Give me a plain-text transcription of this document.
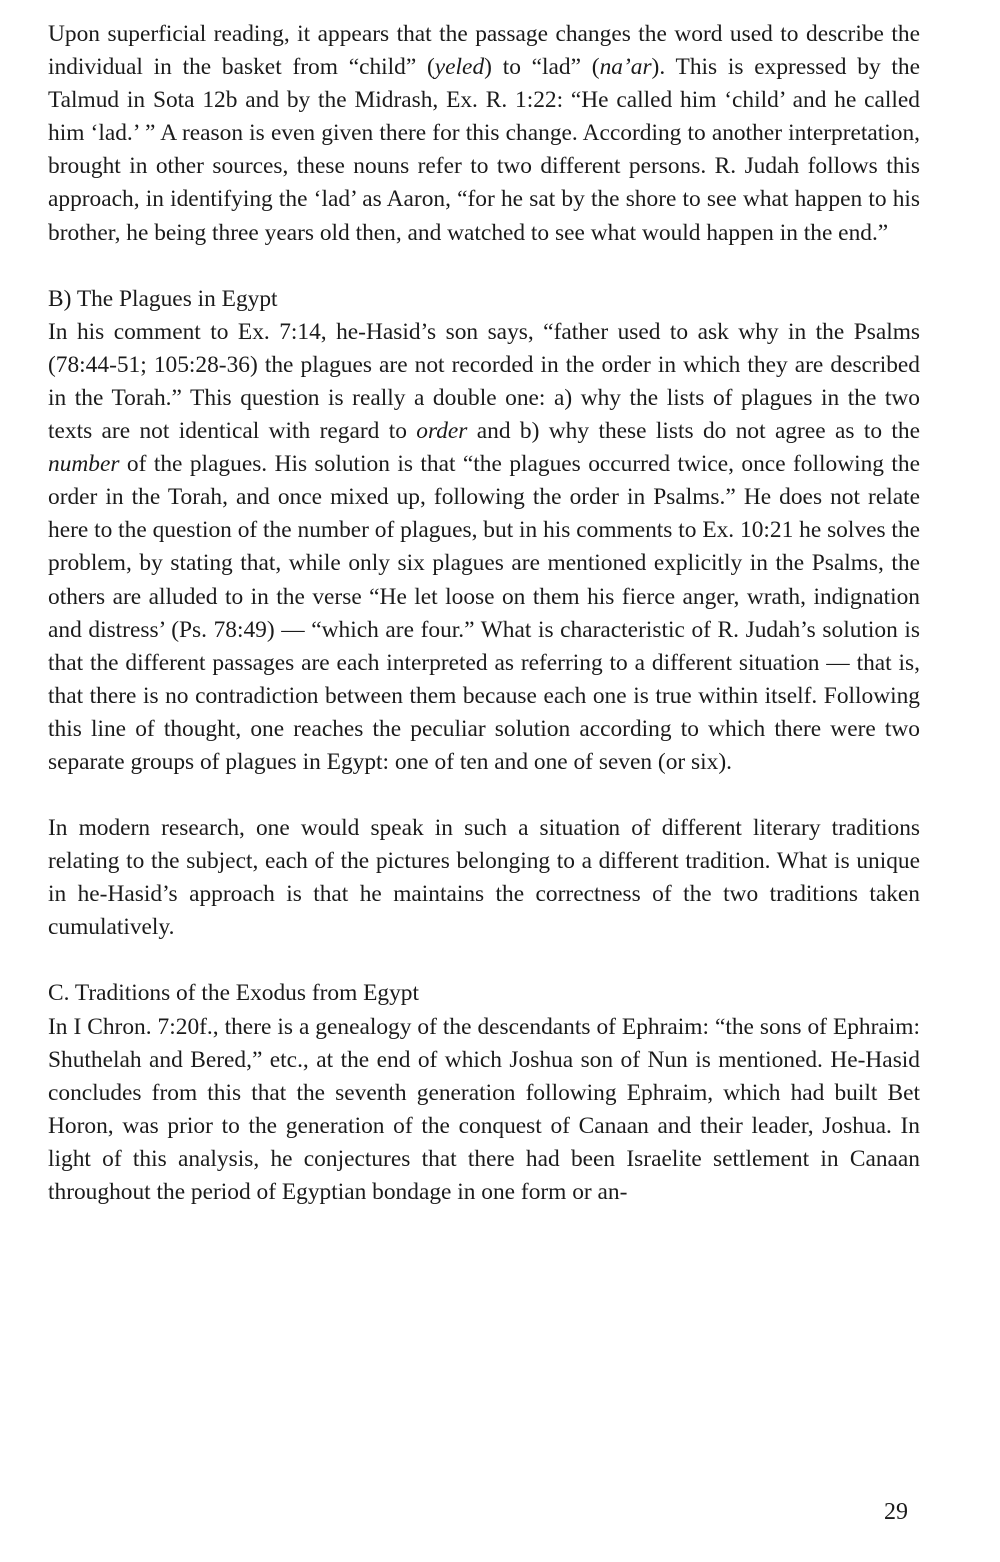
Upon superficial reading, it appears that the passage changes the word used to describe the individual in the basket from “child” (yeled) to “lad” (na’ar). This is expressed by the Talmud in Sota 12b and by the Midrash, Ex. R. 1:22: “He called him ‘child’ and he called him ‘lad.’ ” A reason is even given there for this change. According to another interpretation, brought in other sources, these nouns refer to two different persons. R. Judah follows this approach, in identifying the ‘lad’ as Aaron, “for he sat by the shore to see what happen to his brother, he being three years old then, and watched to see what would happen in the end.”

B) The Plagues in Egypt

In his comment to Ex. 7:14, he-Hasid’s son says, “father used to ask why in the Psalms (78:44-51; 105:28-36) the plagues are not recorded in the order in which they are described in the Torah.” This question is really a double one: a) why the lists of plagues in the two texts are not identical with regard to order and b) why these lists do not agree as to the number of the plagues. His solution is that “the plagues occurred twice, once following the order in the Torah, and once mixed up, following the order in Psalms.” He does not relate here to the question of the number of plagues, but in his comments to Ex. 10:21 he solves the problem, by stating that, while only six plagues are mentioned explicitly in the Psalms, the others are alluded to in the verse “He let loose on them his fierce anger, wrath, indignation and distress’ (Ps. 78:49) — “which are four.” What is characteristic of R. Judah’s solution is that the different passages are each interpreted as referring to a different situation — that is, that there is no contradiction between them because each one is true within itself. Following this line of thought, one reaches the peculiar solution according to which there were two separate groups of plagues in Egypt: one of ten and one of seven (or six).

In modern research, one would speak in such a situation of different literary traditions relating to the subject, each of the pictures belonging to a different tradition. What is unique in he-Hasid’s approach is that he maintains the correctness of the two traditions taken cumulatively.

C. Traditions of the Exodus from Egypt

In I Chron. 7:20f., there is a genealogy of the descendants of Ephraim: “the sons of Ephraim: Shuthelah and Bered,” etc., at the end of which Joshua son of Nun is mentioned. He-Hasid concludes from this that the seventh generation following Ephraim, which had built Bet Horon, was prior to the generation of the conquest of Canaan and their leader, Joshua. In light of this analysis, he conjectures that there had been Israelite settlement in Canaan throughout the period of Egyptian bondage in one form or an-

29
